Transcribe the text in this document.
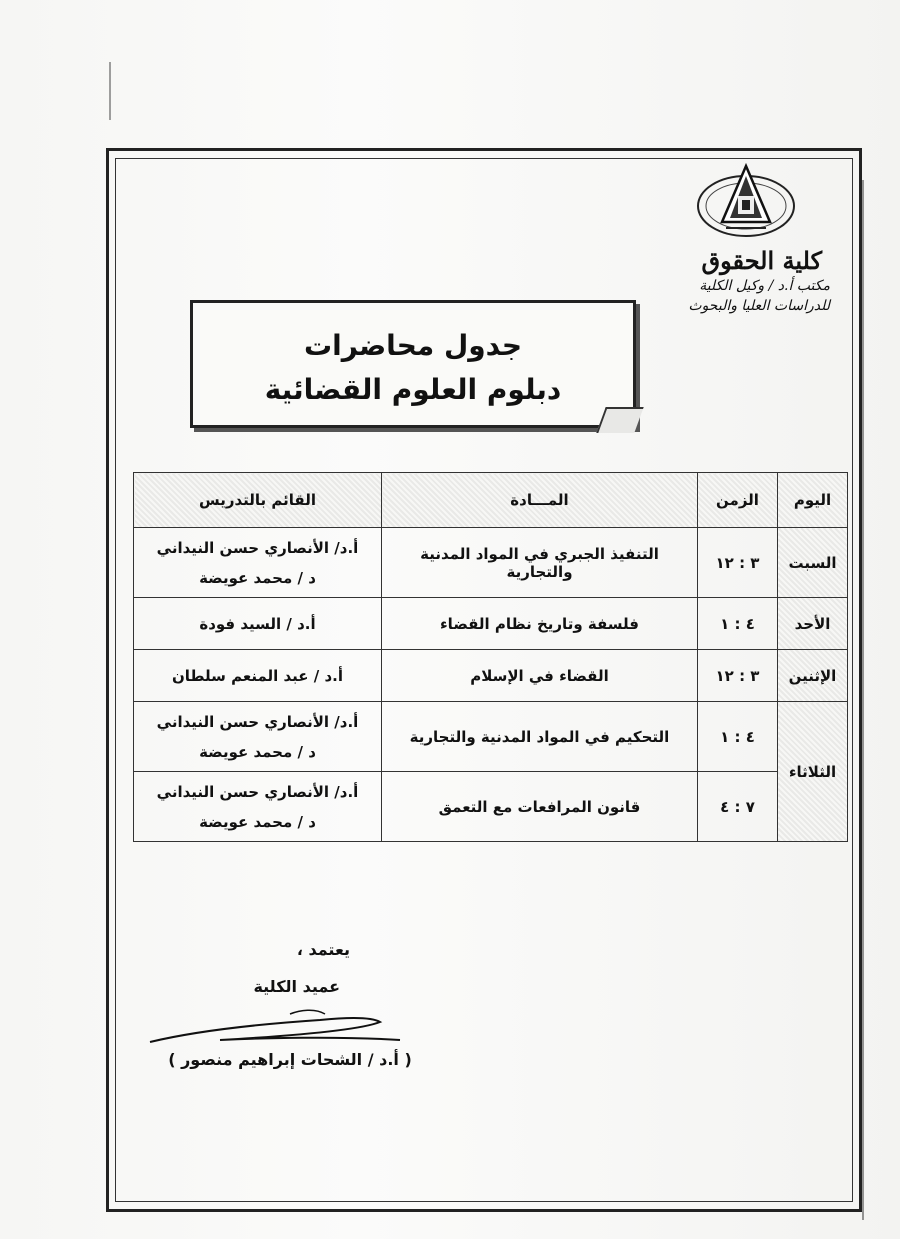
كلية الحقوق
مكتب أ.د / وكيل الكلية
للدراسات العليا والبحوث
جدول محاضرات
دبلوم العلوم القضائية
اليوم	الزمن	المـــادة	القائم بالتدريس
السبت	٣ : ١٢	التنفيذ الجبري في المواد المدنية والتجارية	أ.د/ الأنصاري حسن النيداني
د / محمد عويضة

الأحد	٤ : ١	فلسفة وتاريخ نظام القضاء	أ.د / السيد فودة

الإثنين	٣ : ١٢	القضاء في الإسلام	أ.د / عبد المنعم سلطان

الثلاثاء	٤ : ١	التحكيم في المواد المدنية والتجارية	أ.د/ الأنصاري حسن النيداني
د / محمد عويضة

	٧ : ٤	قانون المرافعات مع التعمق	أ.د/ الأنصاري حسن النيداني
د / محمد عويضة
يعتمد ،
عميد الكلية
( أ.د / الشحات إبراهيم منصور )
